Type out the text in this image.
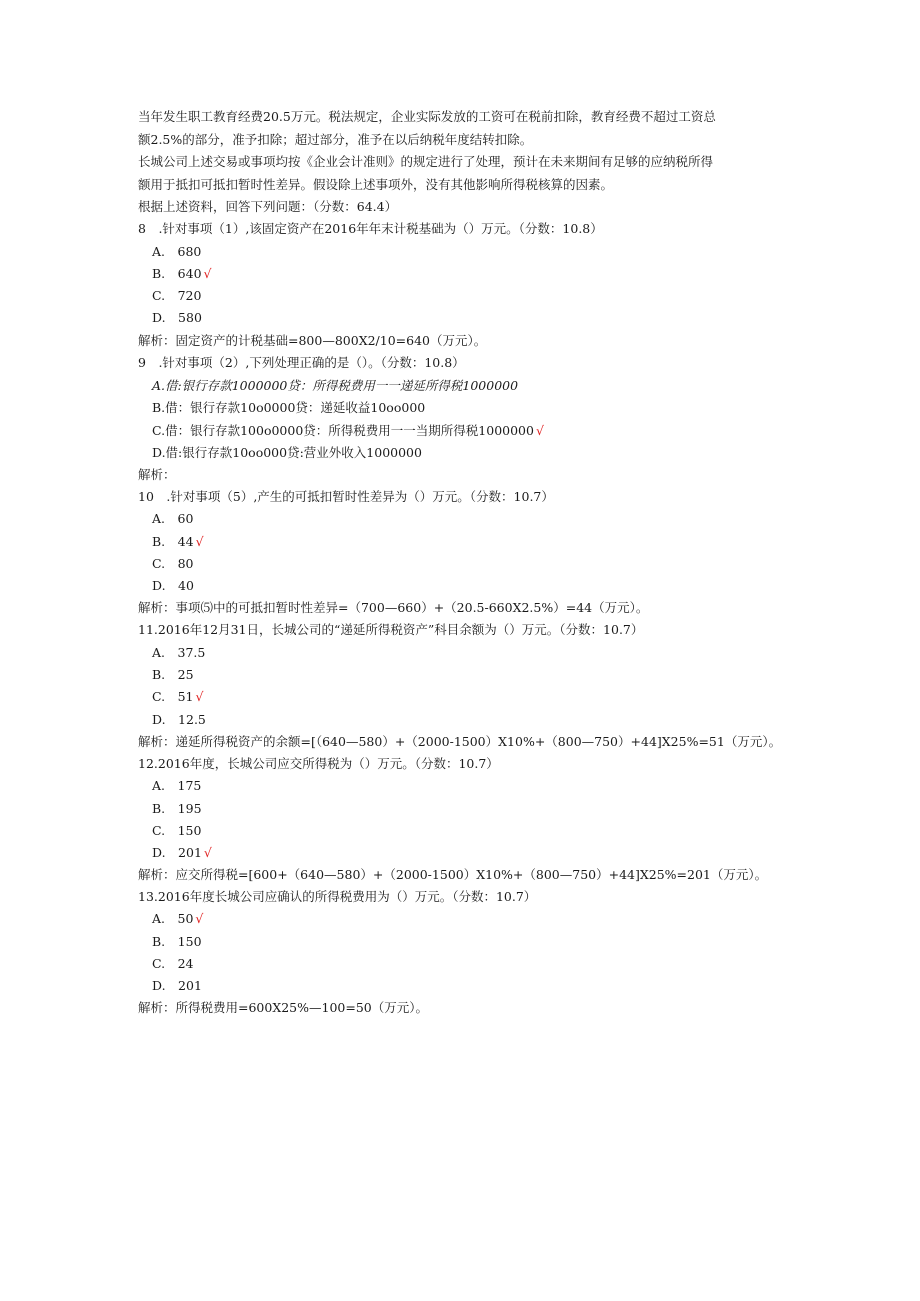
当年发生职工教育经费20.5万元。税法规定，企业实际发放的工资可在税前扣除，教育经费不超过工资总
额2.5%的部分，准予扣除；超过部分，准予在以后纳税年度结转扣除。
长城公司上述交易或事项均按《企业会计准则》的规定进行了处理，预计在未来期间有足够的应纳税所得
额用于抵扣可抵扣暂时性差异。假设除上述事项外，没有其他影响所得税核算的因素。
根据上述资料，回答下列问题：（分数：64.4）
8　.针对事项（1）,该固定资产在2016年年末计税基础为（）万元。（分数：10.8）
A.　680
B.　640 √
C.　720
D.　580
解析：固定资产的计税基础=800—800X2/10=640（万元）。
9　.针对事项（2）,下列处理正确的是（）。（分数：10.8）
A.借:银行存款1000000贷：所得税费用一一递延所得税1000000
B.借：银行存款10o0000贷：递延收益10oo000
C.借：银行存款100o0000贷：所得税费用一一当期所得税1000000 √
D.借:银行存款10oo000贷:营业外收入1000000
解析：
10　.针对事项（5）,产生的可抵扣暂时性差异为（）万元。（分数：10.7）
A.　60
B.　44 √
C.　80
D.　40
解析：事项⑸中的可抵扣暂时性差异=（700—660）+（20.5-660X2.5%）=44（万元）。
11.2016年12月31日，长城公司的“递延所得税资产”科目余额为（）万元。（分数：10.7）
A.　37.5
B.　25
C.　51 √
D.　12.5
解析：递延所得税资产的余额=[（640—580）+（2000-1500）X10%+（800—750）+44]X25%=51（万元）。
12.2016年度，长城公司应交所得税为（）万元。（分数：10.7）
A.　175
B.　195
C.　150
D.　201 √
解析：应交所得税=[600+（640—580）+（2000-1500）X10%+（800—750）+44]X25%=201（万元）。
13.2016年度长城公司应确认的所得税费用为（）万元。（分数：10.7）
A.　50 √
B.　150
C.　24
D.　201
解析：所得税费用=600X25%—100=50（万元）。
